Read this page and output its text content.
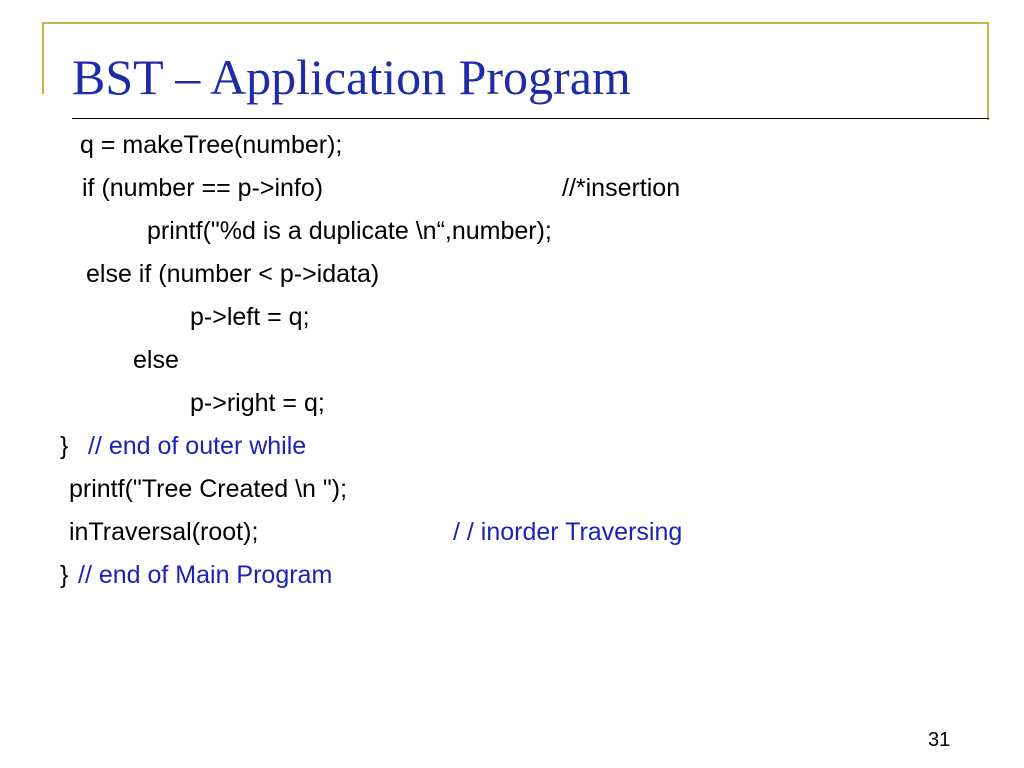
BST – Application Program

q = makeTree(number);

if (number == p->info)	//*insertion

printf("%d is a duplicate \n“,number);

else if (number < p->idata)

p->left = q;

else

p->right = q;

} // end of outer while

printf("Tree Created \n ");

inTraversal(root);	/ / inorder Traversing

} // end of Main Program

31
